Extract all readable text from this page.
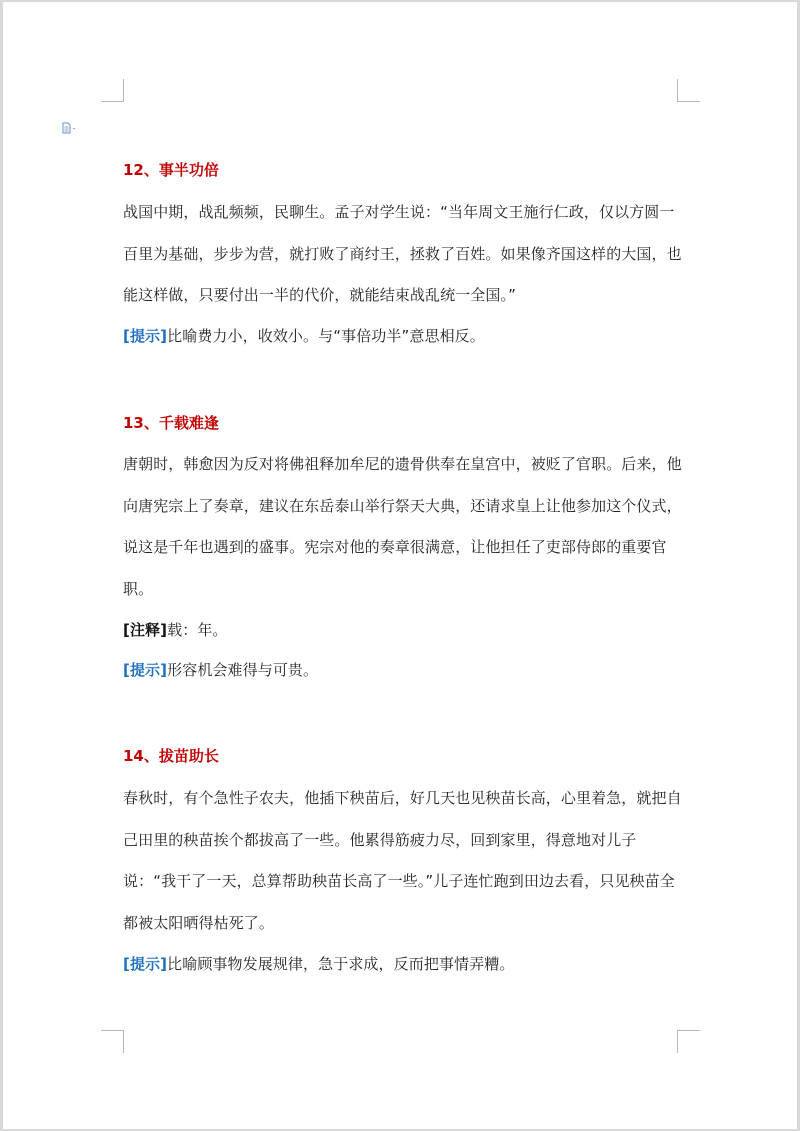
12、事半功倍

战国中期，战乱频频，民聊生。孟子对学生说：“当年周文王施行仁政，仅以方圆一百里为基础，步步为营，就打败了商纣王，拯救了百姓。如果像齐国这样的大国，也能这样做，只要付出一半的代价，就能结束战乱统一全国。”

[提示]比喻费力小，收效小。与“事倍功半”意思相反。

13、千载难逢

唐朝时，韩愈因为反对将佛祖释加牟尼的遗骨供奉在皇宫中，被贬了官职。后来，他向唐宪宗上了奏章，建议在东岳泰山举行祭天大典，还请求皇上让他参加这个仪式，说这是千年也遇到的盛事。宪宗对他的奏章很满意，让他担任了吏部侍郎的重要官职。

[注释]载：年。

[提示]形容机会难得与可贵。

14、拔苗助长

春秋时，有个急性子农夫，他插下秧苗后，好几天也见秧苗长高，心里着急，就把自己田里的秧苗挨个都拔高了一些。他累得筋疲力尽，回到家里，得意地对儿子说：“我干了一天，总算帮助秧苗长高了一些。”儿子连忙跑到田边去看，只见秧苗全都被太阳晒得枯死了。

[提示]比喻顾事物发展规律，急于求成，反而把事情弄糟。
